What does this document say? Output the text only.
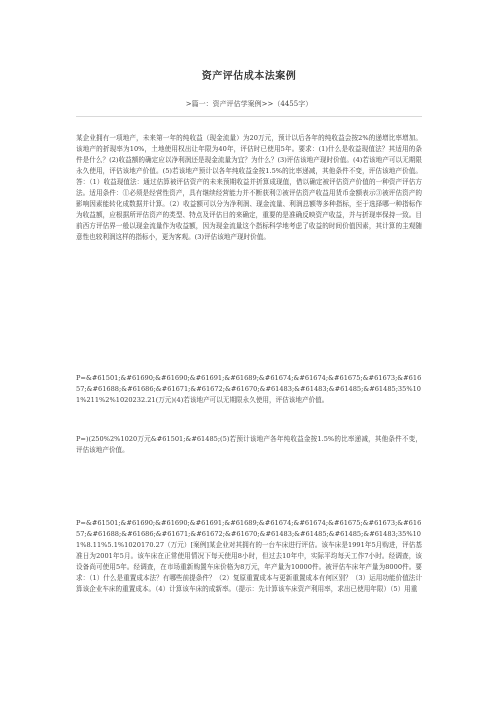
资产评估成本法案例
>篇一：资产评估学案例>>（4455字）

某企业拥有一项地产，未来第一年的纯收益（现金流量）为20万元，预计以后各年的纯收益会按2%的递增比率增加。该地产的折现率为10%，土地使用权出让年限为40年，评估时已使用5年。要求：(1)什么是收益现值法？其适用的条件是什么？(2)收益额的确定应以净利润还是现金流量为宜？为什么？(3)评估该地产现时价值。(4)若该地产可以无期限永久使用，评估该地产价值。(5)若该地产预计以各年纯收益金按1.5%的比率递减，其他条件不变，评估该地产价值。答：（1）收益现值法：通过估算被评估资产的未来预期收益并折算成现值，借以确定被评估资产价值的一种资产评估方法。适用条件：①必须是经营性资产，具有继续经营能力并不断获利②被评估资产收益用货币金额表示③被评估资产的影响因素能转化成数据并计算。（2）收益额可以分为净利润、现金流量、利润总额等多种指标，至于选择哪一种指标作为收益额，应根据所评估资产的类型、特点及评估目的来确定，重要的是准确反映资产收益，并与折现率保持一致。目前西方评估界一般以现金流量作为收益额，因为现金流量这个指标科学地考虑了收益的时间价值因素，其计算的主观随意性也较利润这样的指标小，更为客观。(3)评估该地产现时价值。

P=&#61501;&#61690;&#61690;&#61691;&#61689;&#61674;&#61674;&#61675;&#61673;&#61657;&#61688;&#61686;&#61671;&#61672;&#61670;&#61483;&#61483;&#61485;&#61485;35%101%211%2%1020232.21(万元)(4)若该地产可以无期限永久使用，评估该地产价值。

P=)(250%2%1020万元&#61501;&#61485;(5)若预计该地产各年纯收益金按1.5%的比率递减，其他条件不变，评估该地产价值。

P=&#61501;&#61690;&#61690;&#61691;&#61689;&#61674;&#61674;&#61675;&#61673;&#61657;&#61688;&#61686;&#61671;&#61672;&#61670;&#61483;&#61485;&#61485;&#61483;35%101%8.11%5.1%1020170.27（万元）[案例]某企业对其拥有的一台车床进行评估。该车床是1991年5月购进，评估基准日为2001年5月。该车床在正常使用情况下每天使用8小时，但过去10年中，实际平均每天工作7小时。经调查，该设备尚可使用5年。经调查，在市场重新购置车床价格为8万元，年产量为10000件。被评估车床年产量为8000件。要求：（1）什么是重置成本法？有哪些前提条件？（2）复原重置成本与更新重置成本有何区别？（3）运用功能价值法计算该企业车床的重置成本。（4）计算该车床的成新率。（提示：先计算该车床资产利用率，求出已使用年限）（5）用重
